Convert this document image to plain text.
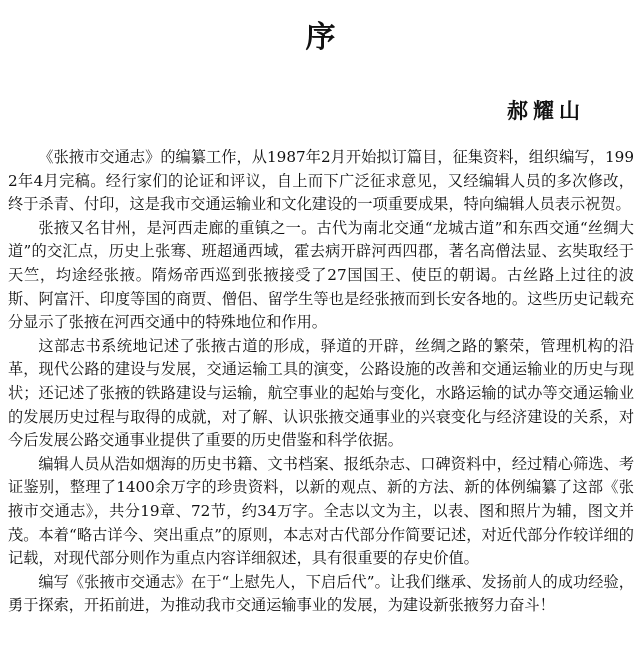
序
郝耀山

《张掖市交通志》的编纂工作，从1987年2月开始拟订篇目，征集资料，组织编写，1992年4月完稿。经行家们的论证和评议，自上而下广泛征求意见，又经编辑人员的多次修改，终于杀青、付印，这是我市交通运输业和文化建设的一项重要成果，特向编辑人员表示祝贺。

张掖又名甘州，是河西走廊的重镇之一。古代为南北交通“龙城古道”和东西交通“丝绸大道”的交汇点，历史上张骞、班超通西域，霍去病开辟河西四郡，著名高僧法显、玄奘取经于天竺，均途经张掖。隋炀帝西巡到张掖接受了27国国王、使臣的朝谒。古丝路上过往的波斯、阿富汗、印度等国的商贾、僧侣、留学生等也是经张掖而到长安各地的。这些历史记载充分显示了张掖在河西交通中的特殊地位和作用。

这部志书系统地记述了张掖古道的形成，驿道的开辟，丝绸之路的繁荣，管理机构的沿革，现代公路的建设与发展，交通运输工具的演变，公路设施的改善和交通运输业的历史与现状；还记述了张掖的铁路建设与运输，航空事业的起始与变化，水路运输的试办等交通运输业的发展历史过程与取得的成就，对了解、认识张掖交通事业的兴衰变化与经济建设的关系，对今后发展公路交通事业提供了重要的历史借鉴和科学依据。

编辑人员从浩如烟海的历史书籍、文书档案、报纸杂志、口碑资料中，经过精心筛选、考证鉴别，整理了1400余万字的珍贵资料，以新的观点、新的方法、新的体例编纂了这部《张掖市交通志》，共分19章、72节，约34万字。全志以文为主，以表、图和照片为辅，图文并茂。本着“略古详今、突出重点”的原则，本志对古代部分作简要记述，对近代部分作较详细的记载，对现代部分则作为重点内容详细叙述，具有很重要的存史价值。

编写《张掖市交通志》在于“上慰先人，下启后代”。让我们继承、发扬前人的成功经验，勇于探索，开拓前进，为推动我市交通运输事业的发展，为建设新张掖努力奋斗！
